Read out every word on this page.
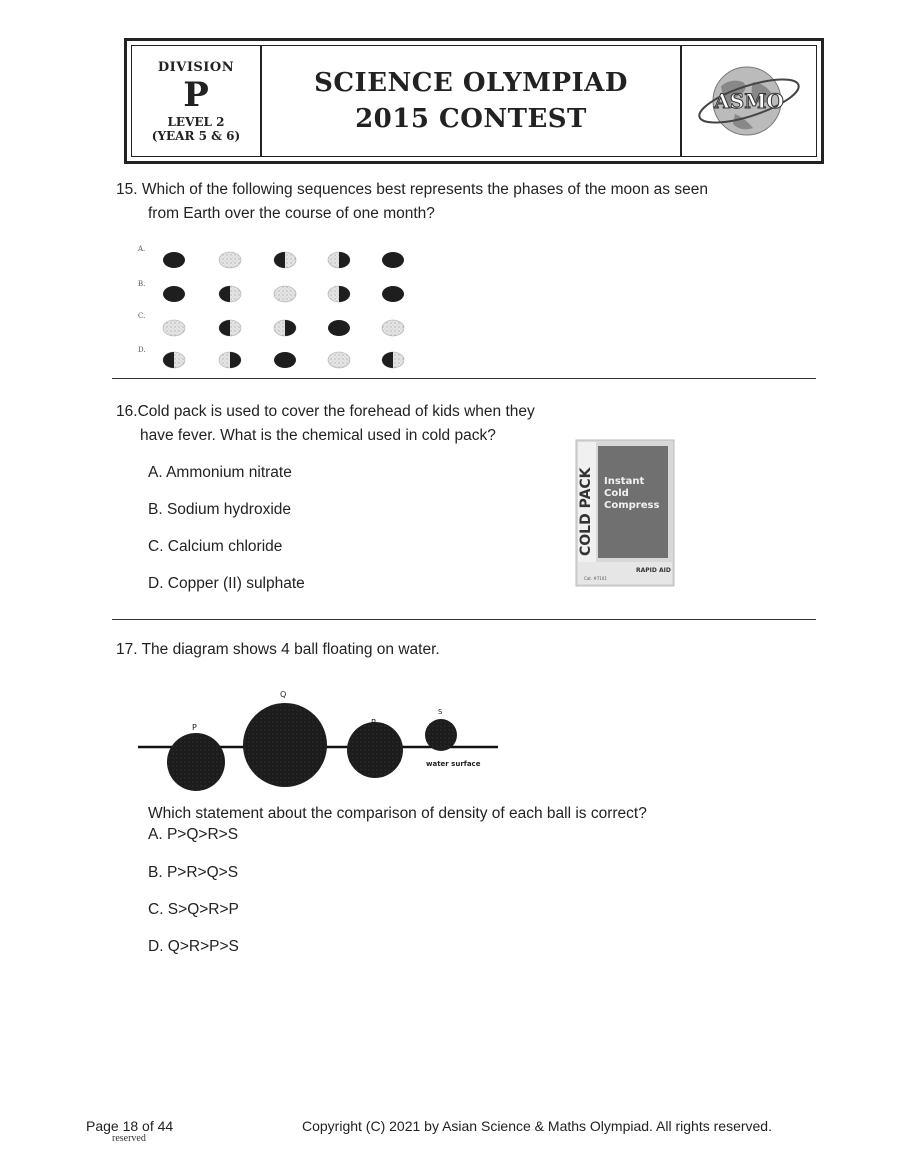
DIVISION
P
LEVEL 2
(YEAR 5 & 6)
SCIENCE OLYMPIAD
2015 CONTEST
ASMO
15. Which of the following sequences best represents the phases of the moon as seen
from Earth over the course of one month?
A.
B.
C.
D.
16.Cold pack is used to cover the forehead of kids when they
have fever. What is the chemical used in cold pack?
A. Ammonium nitrate
B. Sodium hydroxide
C. Calcium chloride
D. Copper (II) sulphate
COLD PACK Instant
Cold
Compress
RAPID AID
Cat. #7101
17. The diagram shows 4 ball floating on water.
P
Q
R
S
water surface
Which statement about the comparison of density of each ball is correct?
A. P>Q>R>S
B. P>R>Q>S
C. S>Q>R>P
D. Q>R>P>S
Page 18 of 44
reserved
Copyright (C) 2021 by Asian Science & Maths Olympiad. All rights reserved.
